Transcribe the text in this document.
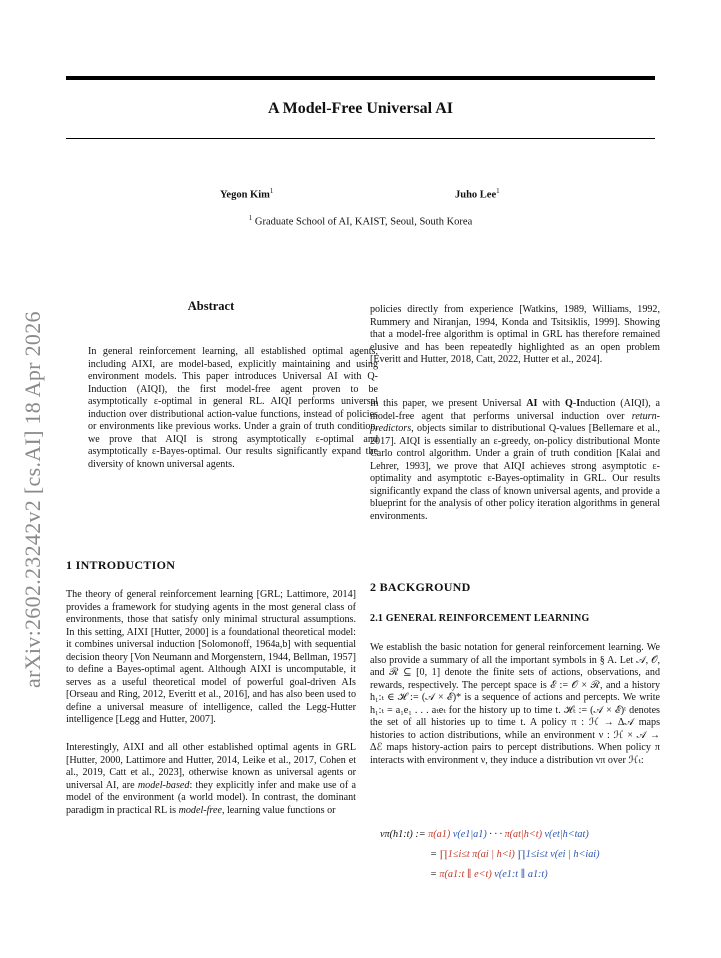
A Model-Free Universal AI
Yegon Kim$^1$	Juho Lee$^1$
$^1$ Graduate School of AI, KAIST, Seoul, South Korea
arXiv:2602.23242v2 [cs.AI] 18 Apr 2026
Abstract

In general reinforcement learning, all established optimal agents, including AIXI, are model-based, explicitly maintaining and using environment models. This paper introduces Universal AI with Q-Induction (AIQI), the first model-free agent proven to be asymptotically ε-optimal in general RL. AIQI performs universal induction over distributional action-value functions, instead of policies or environments like previous works. Under a grain of truth condition, we prove that AIQI is strong asymptotically ε-optimal and asymptotically ε-Bayes-optimal. Our results significantly expand the diversity of known universal agents.

1 INTRODUCTION

The theory of general reinforcement learning [GRL; Lattimore, 2014] provides a framework for studying agents in the most general class of environments, those that satisfy only minimal structural assumptions. In this setting, AIXI [Hutter, 2000] is a foundational theoretical model: it combines universal induction [Solomonoff, 1964a,b] with sequential decision theory [Von Neumann and Morgenstern, 1944, Bellman, 1957] to define a Bayes-optimal agent. Although AIXI is uncomputable, it serves as a useful theoretical model of powerful goal-driven AIs [Orseau and Ring, 2012, Everitt et al., 2016], and has also been used to define a universal measure of intelligence, called the Legg-Hutter intelligence [Legg and Hutter, 2007].

Interestingly, AIXI and all other established optimal agents in GRL [Hutter, 2000, Lattimore and Hutter, 2014, Leike et al., 2017, Cohen et al., 2019, Catt et al., 2023], otherwise known as universal agents or universal AI, are model-based: they explicitly infer and make use of a model of the environment (a world model). In contrast, the dominant paradigm in practical RL is model-free, learning value functions or

policies directly from experience [Watkins, 1989, Williams, 1992, Rummery and Niranjan, 1994, Konda and Tsitsiklis, 1999]. Showing that a model-free algorithm is optimal in GRL has therefore remained elusive and has been repeatedly highlighted as an open problem [Everitt and Hutter, 2018, Catt, 2022, Hutter et al., 2024].

In this paper, we present Universal AI with Q-Induction (AIQI), a model-free agent that performs universal induction over return-predictors, objects similar to distributional Q-values [Bellemare et al., 2017]. AIQI is essentially an ε-greedy, on-policy distributional Monte Carlo control algorithm. Under a grain of truth condition [Kalai and Lehrer, 1993], we prove that AIQI achieves strong asymptotic ε-optimality and asymptotic ε-Bayes-optimality in GRL. Our results significantly expand the class of known universal agents, and provide a blueprint for the analysis of other policy iteration algorithms in general environments.

2 BACKGROUND
2.1 GENERAL REINFORCEMENT LEARNING

We establish the basic notation for general reinforcement learning. We also provide a summary of all the important symbols in § A. Let 𝒜, 𝒪, and ℛ ⊆ [0, 1] denote the finite sets of actions, observations, and rewards, respectively. The percept space is ℰ := 𝒪 × ℛ, and a history h₁:ₜ ∈ ℋ := (𝒜 × ℰ)* is a sequence of actions and percepts. We write h₁:ₜ = a₁e₁ . . . aₜeₜ for the history up to time t. ℋₜ := (𝒜 × ℰ)ᵗ denotes the set of all histories up to time t. A policy π : ℋ → Δ𝒜 maps histories to action distributions, while an environment ν : ℋ × 𝒜 → Δℰ maps history-action pairs to percept distributions. When policy π interacts with environment ν, they induce a distribution νπ over ℋₜ:

νπ(h1:t) := π(a1) ν(e1|a1) · · · π(at|h<t) ν(et|h<tat)
= ∏1≤i≤t π(ai | h<i) ∏1≤i≤t ν(ei | h<iai)
= π(a1:t ∥ e<t) ν(e1:t ∥ a1:t)
